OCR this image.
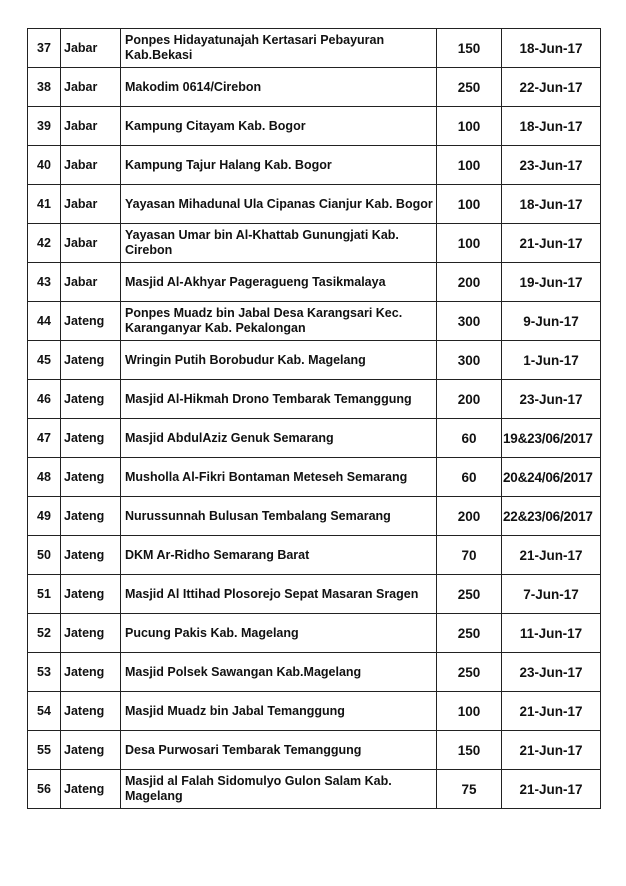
37	Jabar	Ponpes Hidayatunajah Kertasari Pebayuran Kab.Bekasi	150	18-Jun-17
38	Jabar	Makodim 0614/Cirebon	250	22-Jun-17
39	Jabar	Kampung Citayam Kab. Bogor	100	18-Jun-17
40	Jabar	Kampung Tajur Halang Kab. Bogor	100	23-Jun-17
41	Jabar	Yayasan Mihadunal Ula Cipanas Cianjur Kab. Bogor	100	18-Jun-17
42	Jabar	Yayasan Umar bin Al-Khattab Gunungjati Kab. Cirebon	100	21-Jun-17
43	Jabar	Masjid Al-Akhyar Pageragueng Tasikmalaya	200	19-Jun-17
44	Jateng	Ponpes Muadz bin Jabal Desa Karangsari Kec. Karanganyar Kab. Pekalongan	300	9-Jun-17
45	Jateng	Wringin Putih Borobudur Kab. Magelang	300	1-Jun-17
46	Jateng	Masjid Al-Hikmah Drono Tembarak Temanggung	200	23-Jun-17
47	Jateng	Masjid AbdulAziz Genuk Semarang	60	19&23/06/2017
48	Jateng	Musholla Al-Fikri Bontaman Meteseh Semarang	60	20&24/06/2017
49	Jateng	Nurussunnah Bulusan Tembalang Semarang	200	22&23/06/2017
50	Jateng	DKM Ar-Ridho Semarang Barat	70	21-Jun-17
51	Jateng	Masjid Al Ittihad Plosorejo Sepat Masaran Sragen	250	7-Jun-17
52	Jateng	Pucung Pakis Kab. Magelang	250	11-Jun-17
53	Jateng	Masjid Polsek Sawangan Kab.Magelang	250	23-Jun-17
54	Jateng	Masjid Muadz bin Jabal Temanggung	100	21-Jun-17
55	Jateng	Desa Purwosari Tembarak Temanggung	150	21-Jun-17
56	Jateng	Masjid al Falah Sidomulyo Gulon Salam Kab. Magelang	75	21-Jun-17
